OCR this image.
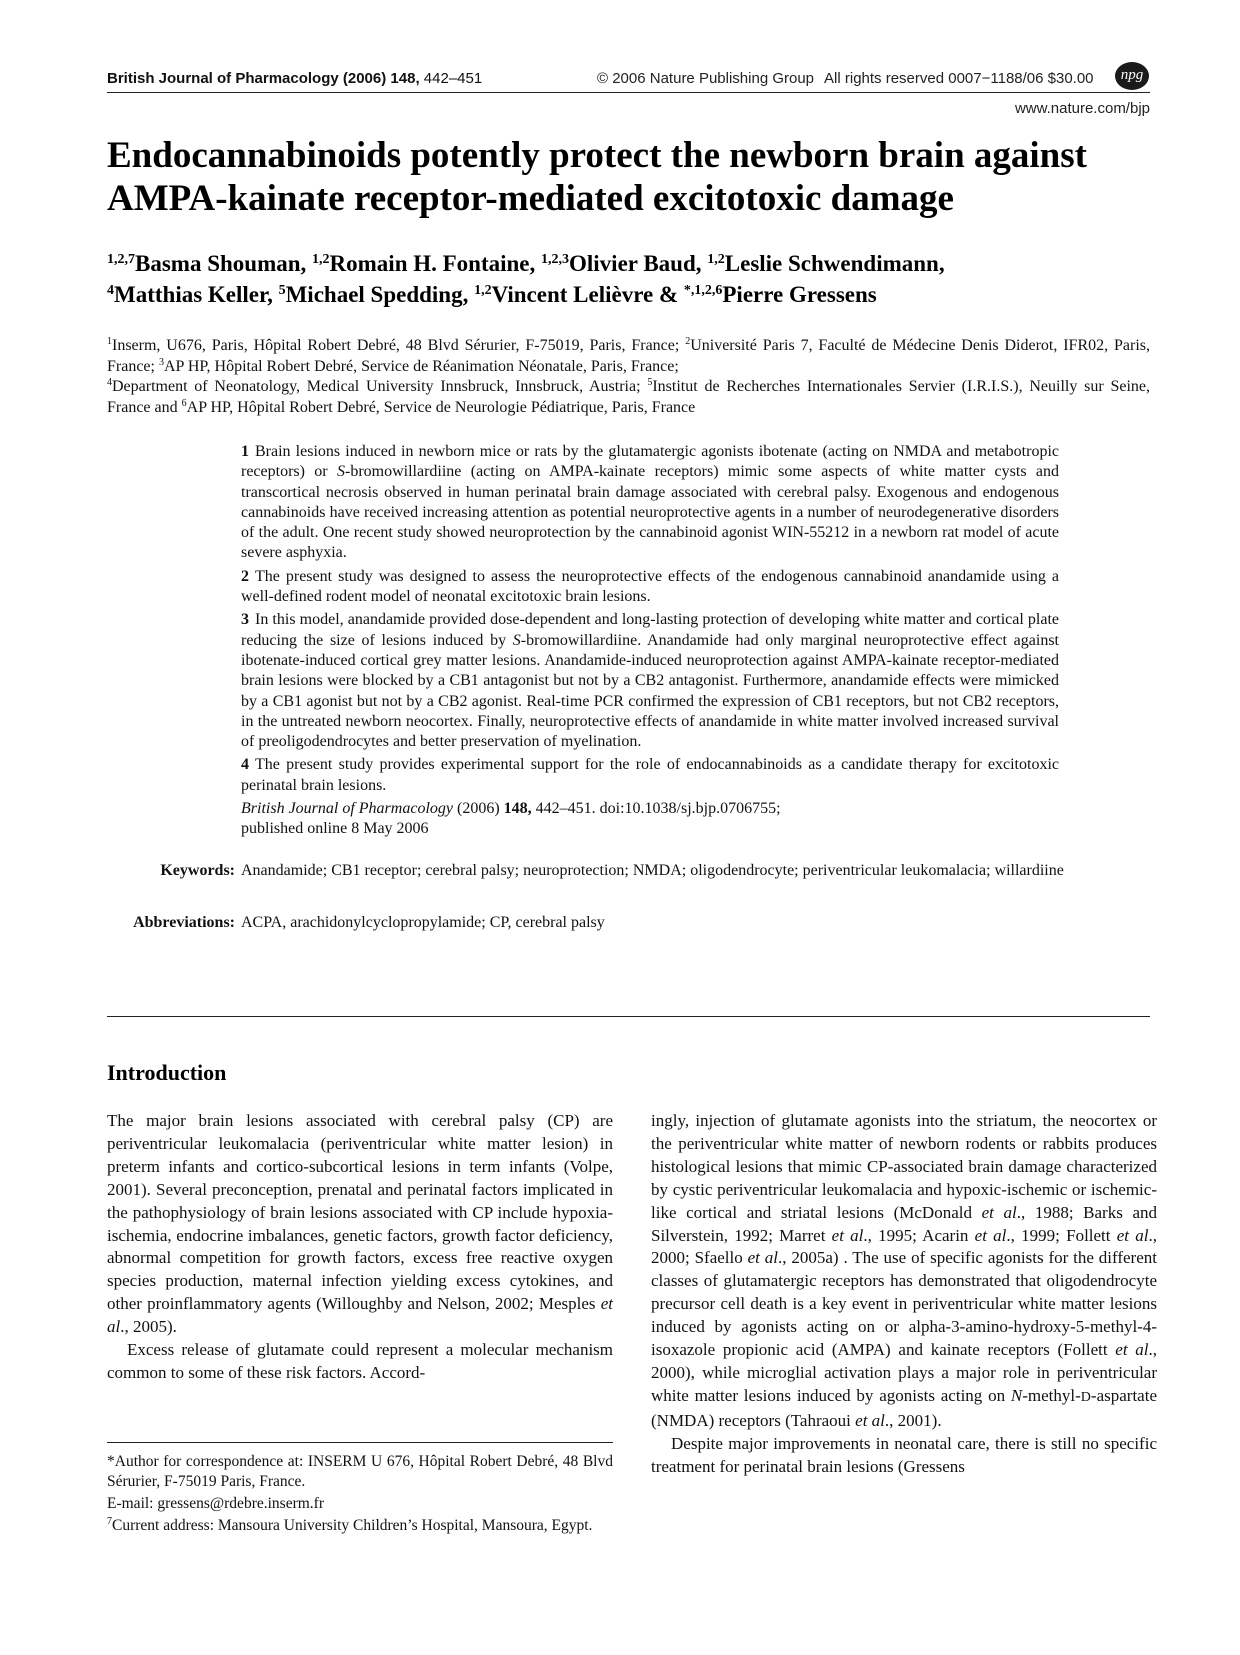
British Journal of Pharmacology (2006) 148, 442–451	© 2006 Nature Publishing Group All rights reserved 0007−1188/06 $30.00	npg
www.nature.com/bjp
Endocannabinoids potently protect the newborn brain against
AMPA-kainate receptor-mediated excitotoxic damage
$^{1,2,7}$Basma Shouman, $^{1,2}$Romain H. Fontaine, $^{1,2,3}$Olivier Baud, $^{1,2}$Leslie Schwendimann,
$^4$Matthias Keller, $^5$Michael Spedding, $^{1,2}$Vincent Lelièvre & $^{*,1,2,6}$Pierre Gressens
$^1$Inserm, U676, Paris, Hôpital Robert Debré, 48 Blvd Sérurier, F-75019, Paris, France; $^2$Université Paris 7, Faculté de Médecine Denis Diderot, IFR02, Paris, France; $^3$AP HP, Hôpital Robert Debré, Service de Réanimation Néonatale, Paris, France;
$^4$Department of Neonatology, Medical University Innsbruck, Innsbruck, Austria; $^5$Institut de Recherches Internationales Servier (I.R.I.S.), Neuilly sur Seine, France and $^6$AP HP, Hôpital Robert Debré, Service de Neurologie Pédiatrique, Paris, France

1 Brain lesions induced in newborn mice or rats by the glutamatergic agonists ibotenate (acting on NMDA and metabotropic receptors) or S-bromowillardiine (acting on AMPA-kainate receptors) mimic some aspects of white matter cysts and transcortical necrosis observed in human perinatal brain damage associated with cerebral palsy. Exogenous and endogenous cannabinoids have received increasing attention as potential neuroprotective agents in a number of neurodegenerative disorders of the adult. One recent study showed neuroprotection by the cannabinoid agonist WIN-55212 in a newborn rat model of acute severe asphyxia.

2 The present study was designed to assess the neuroprotective effects of the endogenous cannabinoid anandamide using a well-defined rodent model of neonatal excitotoxic brain lesions.

3 In this model, anandamide provided dose-dependent and long-lasting protection of developing white matter and cortical plate reducing the size of lesions induced by S-bromowillardiine. Anandamide had only marginal neuroprotective effect against ibotenate-induced cortical grey matter lesions. Anandamide-induced neuroprotection against AMPA-kainate receptor-mediated brain lesions were blocked by a CB1 antagonist but not by a CB2 antagonist. Furthermore, anandamide effects were mimicked by a CB1 agonist but not by a CB2 agonist. Real-time PCR confirmed the expression of CB1 receptors, but not CB2 receptors, in the untreated newborn neocortex. Finally, neuroprotective effects of anandamide in white matter involved increased survival of preoligodendrocytes and better preservation of myelination.

4 The present study provides experimental support for the role of endocannabinoids as a candidate therapy for excitotoxic perinatal brain lesions.

British Journal of Pharmacology (2006) 148, 442–451. doi:10.1038/sj.bjp.0706755;
published online 8 May 2006

Keywords: Anandamide; CB1 receptor; cerebral palsy; neuroprotection; NMDA; oligodendrocyte; periventricular leukomalacia; willardiine
Abbreviations: ACPA, arachidonylcyclopropylamide; CP, cerebral palsy
Introduction

The major brain lesions associated with cerebral palsy (CP) are periventricular leukomalacia (periventricular white matter lesion) in preterm infants and cortico-subcortical lesions in term infants (Volpe, 2001). Several preconception, prenatal and perinatal factors implicated in the pathophysiology of brain lesions associated with CP include hypoxia-ischemia, endocrine imbalances, genetic factors, growth factor deficiency, abnormal competition for growth factors, excess free reactive oxygen species production, maternal infection yielding excess cytokines, and other proinflammatory agents (Willoughby and Nelson, 2002; Mesples et al., 2005).

Excess release of glutamate could represent a molecular mechanism common to some of these risk factors. Accord-

ingly, injection of glutamate agonists into the striatum, the neocortex or the periventricular white matter of newborn rodents or rabbits produces histological lesions that mimic CP-associated brain damage characterized by cystic periventricular leukomalacia and hypoxic-ischemic or ischemic-like cortical and striatal lesions (McDonald et al., 1988; Barks and Silverstein, 1992; Marret et al., 1995; Acarin et al., 1999; Follett et al., 2000; Sfaello et al., 2005a) . The use of specific agonists for the different classes of glutamatergic receptors has demonstrated that oligodendrocyte precursor cell death is a key event in periventricular white matter lesions induced by agonists acting on or alpha-3-amino-hydroxy-5-methyl-4-isoxazole propionic acid (AMPA) and kainate receptors (Follett et al., 2000), while microglial activation plays a major role in periventricular white matter lesions induced by agonists acting on N-methyl-D-aspartate (NMDA) receptors (Tahraoui et al., 2001).

Despite major improvements in neonatal care, there is still no specific treatment for perinatal brain lesions (Gressens

*Author for correspondence at: INSERM U 676, Hôpital Robert Debré, 48 Blvd Sérurier, F-75019 Paris, France.

E-mail: gressens@rdebre.inserm.fr

$^7$Current address: Mansoura University Children’s Hospital, Mansoura, Egypt.
